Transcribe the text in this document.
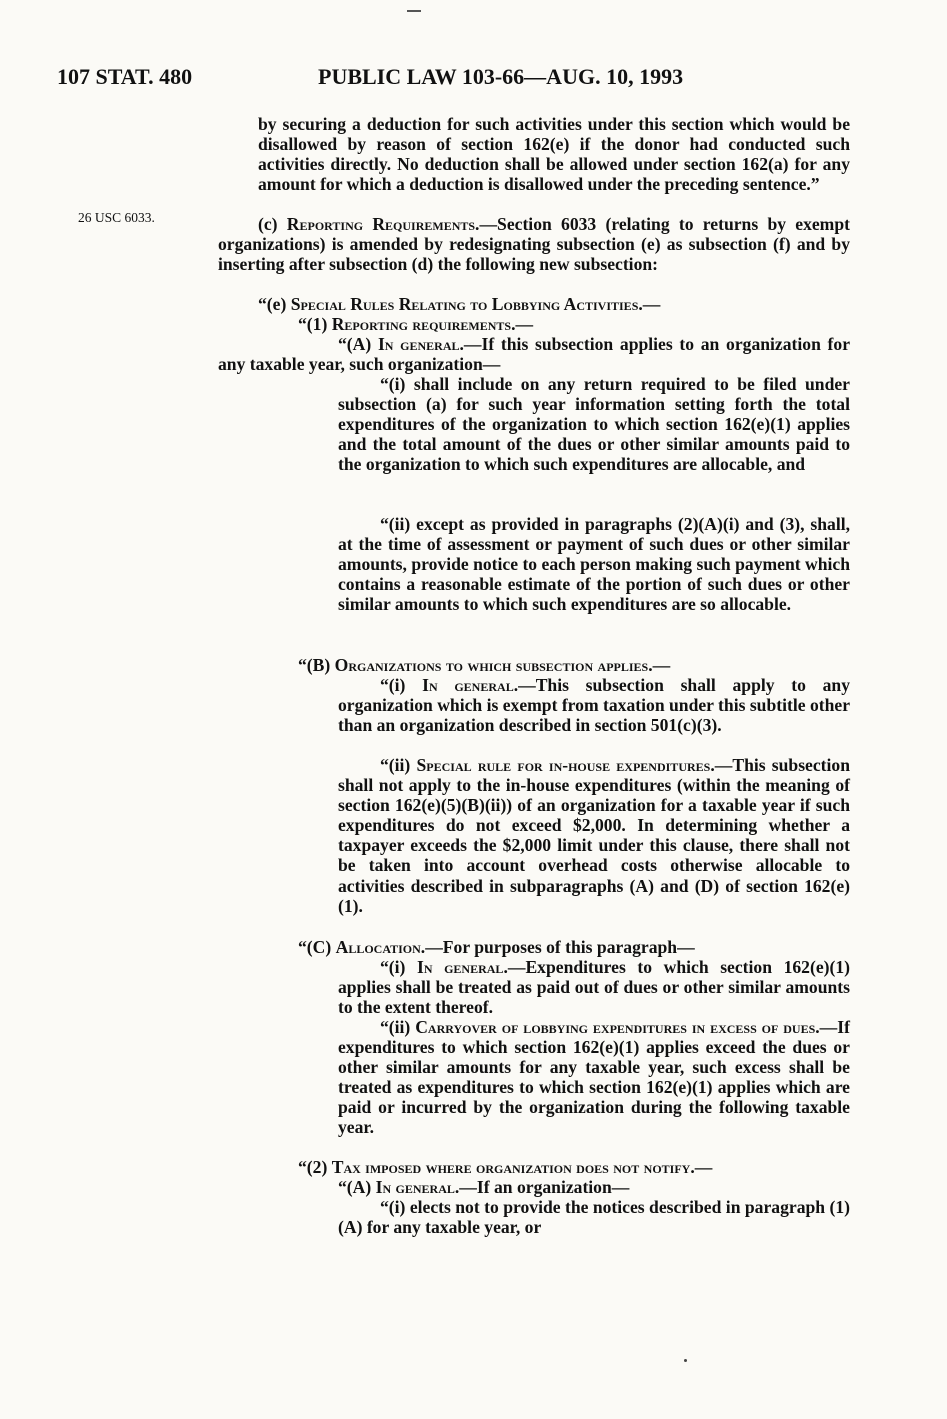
107 STAT. 480	PUBLIC LAW 103-66—AUG. 10, 1993
26 USC 6033.
by securing a deduction for such activities under this section which would be disallowed by reason of section 162(e) if the donor had conducted such activities directly. No deduction shall be allowed under section 162(a) for any amount for which a deduction is disallowed under the preceding sentence.”
(c) Reporting Requirements.—Section 6033 (relating to returns by exempt organizations) is amended by redesignating subsection (e) as subsection (f) and by inserting after subsection (d) the following new subsection:
“(e) Special Rules Relating to Lobbying Activities.—
“(1) Reporting requirements.—
“(A) In general.—If this subsection applies to an organization for any taxable year, such organization—
“(i) shall include on any return required to be filed under subsection (a) for such year information setting forth the total expenditures of the organization to which section 162(e)(1) applies and the total amount of the dues or other similar amounts paid to the organization to which such expenditures are allocable, and
“(ii) except as provided in paragraphs (2)(A)(i) and (3), shall, at the time of assessment or payment of such dues or other similar amounts, provide notice to each person making such payment which contains a reasonable estimate of the portion of such dues or other similar amounts to which such expenditures are so allocable.
“(B) Organizations to which subsection applies.—
“(i) In general.—This subsection shall apply to any organization which is exempt from taxation under this subtitle other than an organization described in section 501(c)(3).
“(ii) Special rule for in-house expenditures.—This subsection shall not apply to the in-house expenditures (within the meaning of section 162(e)(5)(B)(ii)) of an organization for a taxable year if such expenditures do not exceed $2,000. In determining whether a taxpayer exceeds the $2,000 limit under this clause, there shall not be taken into account overhead costs otherwise allocable to activities described in subparagraphs (A) and (D) of section 162(e)(1).
“(C) Allocation.—For purposes of this paragraph—
“(i) In general.—Expenditures to which section 162(e)(1) applies shall be treated as paid out of dues or other similar amounts to the extent thereof.
“(ii) Carryover of lobbying expenditures in excess of dues.—If expenditures to which section 162(e)(1) applies exceed the dues or other similar amounts for any taxable year, such excess shall be treated as expenditures to which section 162(e)(1) applies which are paid or incurred by the organization during the following taxable year.
“(2) Tax imposed where organization does not notify.—
“(A) In general.—If an organization—
“(i) elects not to provide the notices described in paragraph (1)(A) for any taxable year, or
